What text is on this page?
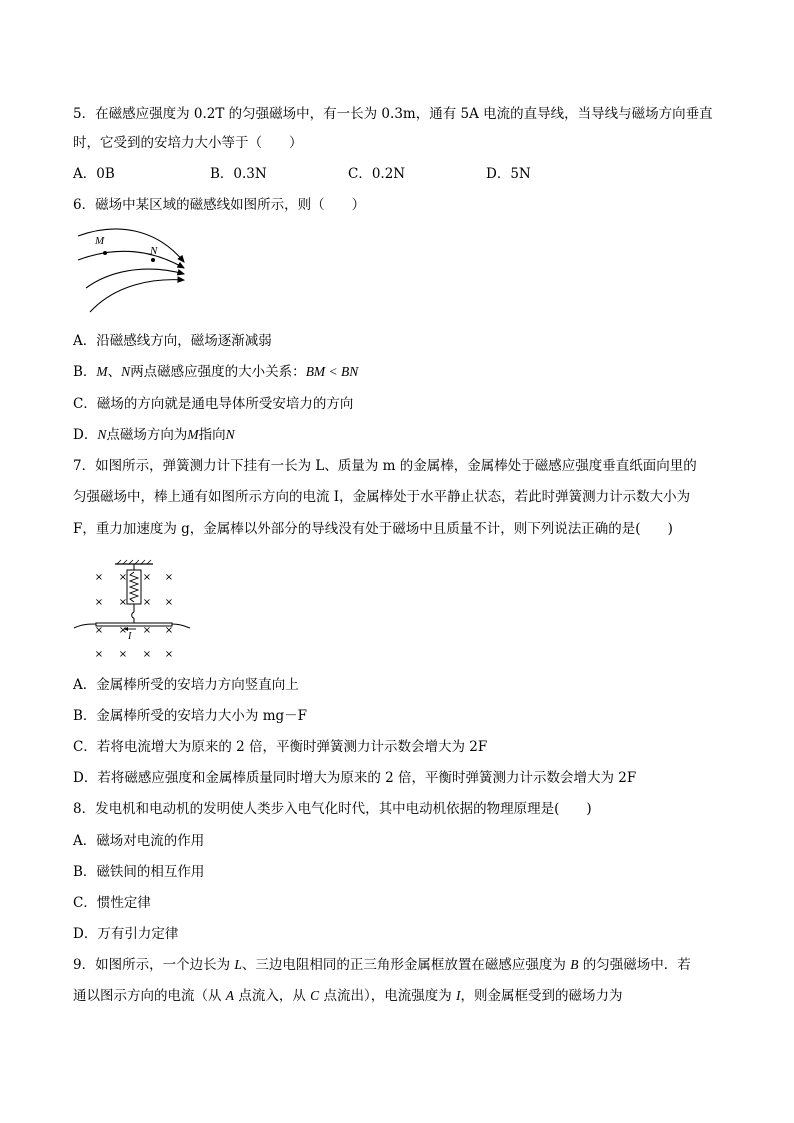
5．在磁感应强度为 0.2T 的匀强磁场中，有一长为 0.3m，通有 5A 电流的直导线，当导线与磁场方向垂直
时，它受到的安培力大小等于（　　）
A．0B	B．0.3N	C．0.2N	D．5N
6．磁场中某区域的磁感线如图所示，则（　　）
M
N
A．沿磁感线方向，磁场逐渐减弱
B．M、N两点磁感应强度的大小关系：BM < BN
C．磁场的方向就是通电导体所受安培力的方向
D．N点磁场方向为M指向N
7．如图所示，弹簧测力计下挂有一长为 L、质量为 m 的金属棒，金属棒处于磁感应强度垂直纸面向里的
匀强磁场中，棒上通有如图所示方向的电流 I，金属棒处于水平静止状态，若此时弹簧测力计示数大小为
F，重力加速度为 g，金属棒以外部分的导线没有处于磁场中且质量不计，则下列说法正确的是(　　)
I
× × × ×
× × × ×
× × × ×
× × × ×
A．金属棒所受的安培力方向竖直向上
B．金属棒所受的安培力大小为 mg－F
C．若将电流增大为原来的 2 倍，平衡时弹簧测力计示数会增大为 2F
D．若将磁感应强度和金属棒质量同时增大为原来的 2 倍，平衡时弹簧测力计示数会增大为 2F
8．发电机和电动机的发明使人类步入电气化时代，其中电动机依据的物理原理是(　　)
A．磁场对电流的作用
B．磁铁间的相互作用
C．惯性定律
D．万有引力定律
9．如图所示，一个边长为 L、三边电阻相同的正三角形金属框放置在磁感应强度为 B 的匀强磁场中．若
通以图示方向的电流（从 A 点流入，从 C 点流出），电流强度为 I，则金属框受到的磁场力为
